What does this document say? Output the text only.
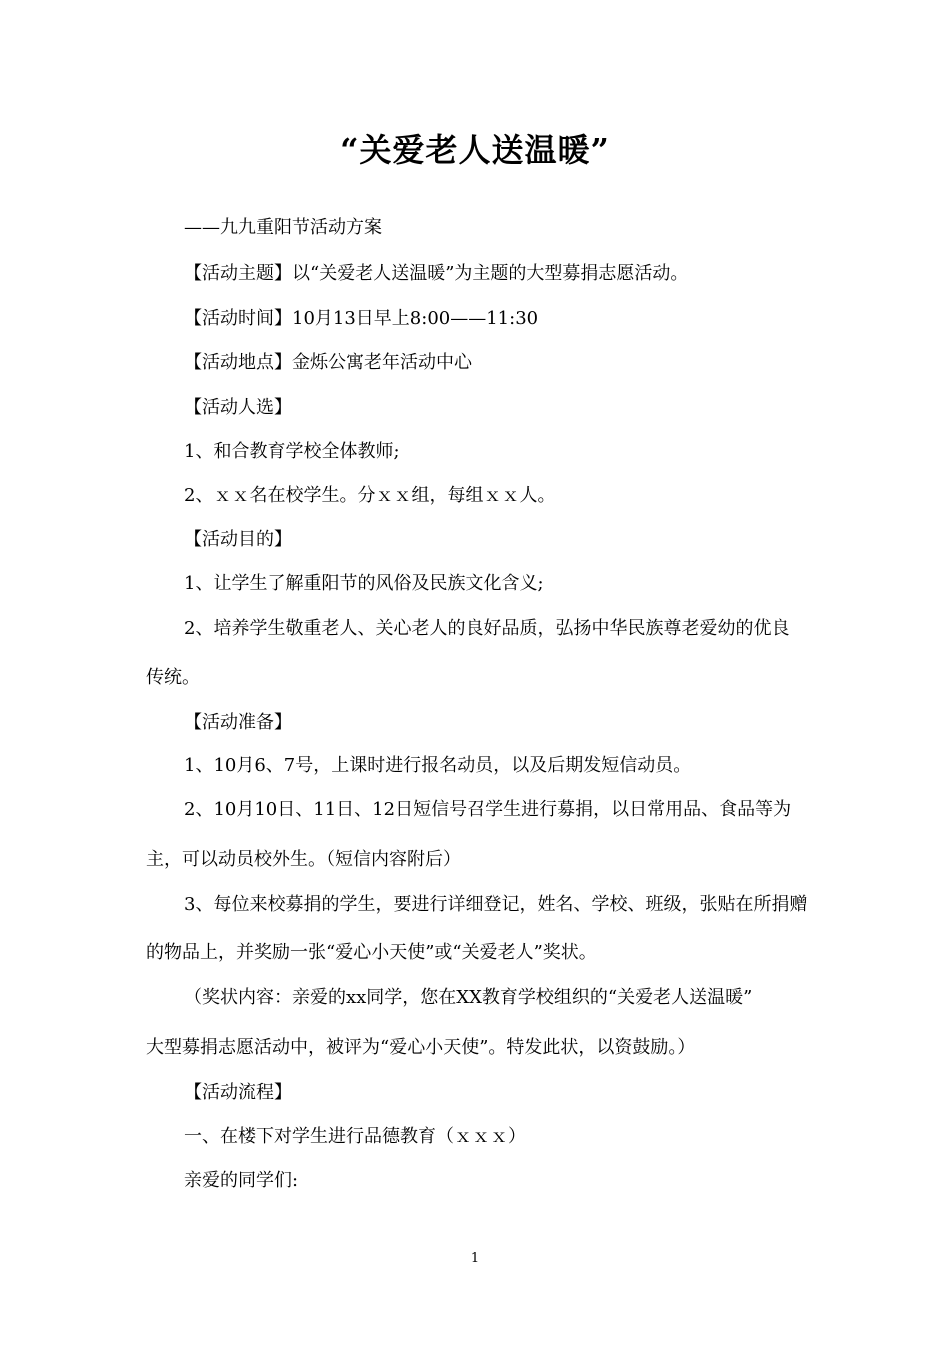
“关爱老人送温暖”
——九九重阳节活动方案
【活动主题】以“关爱老人送温暖”为主题的大型募捐志愿活动。
【活动时间】10月13日早上8:00——11:30
【活动地点】金烁公寓老年活动中心
【活动人选】
1、和合教育学校全体教师;
2、ｘｘ名在校学生。分ｘｘ组，每组ｘｘ人。
【活动目的】
1、让学生了解重阳节的风俗及民族文化含义;
2、培养学生敬重老人、关心老人的良好品质，弘扬中华民族尊老爱幼的优良
传统。
【活动准备】
1、10月6、7号，上课时进行报名动员，以及后期发短信动员。
2、10月10日、11日、12日短信号召学生进行募捐，以日常用品、食品等为
主，可以动员校外生。（短信内容附后）
3、每位来校募捐的学生，要进行详细登记，姓名、学校、班级，张贴在所捐赠
的物品上，并奖励一张“爱心小天使”或“关爱老人”奖状。
（奖状内容：亲爱的xx同学，您在XX教育学校组织的“关爱老人送温暖”
大型募捐志愿活动中，被评为“爱心小天使”。特发此状，以资鼓励。）
【活动流程】
一、在楼下对学生进行品德教育（ｘｘｘ）
亲爱的同学们:
1
